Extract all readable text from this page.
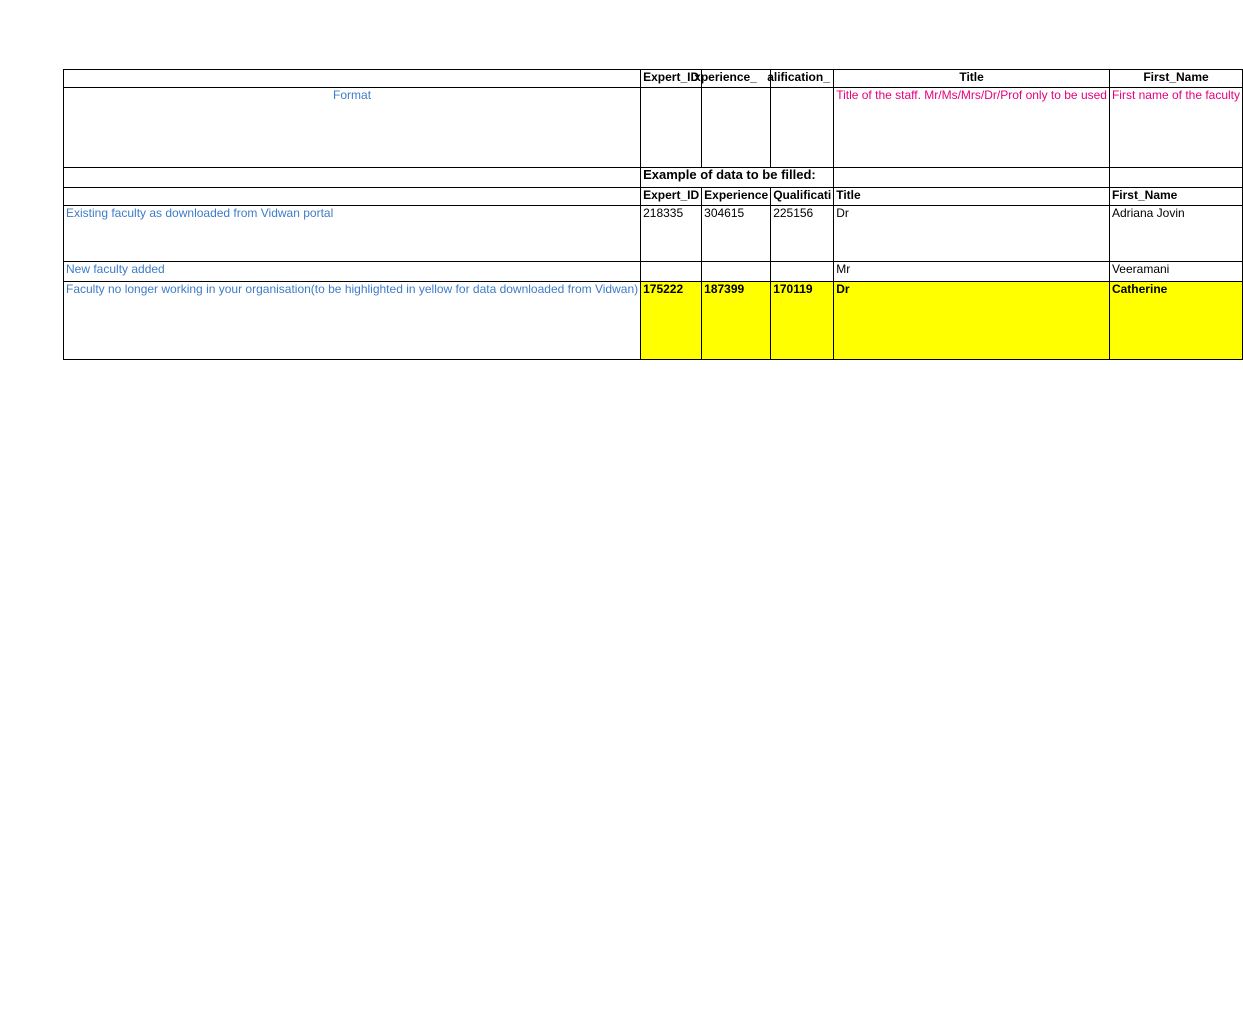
	Expert_ID	xperience_	alification_	Title	First_Name
Format				Title of the staff. Mr/Ms/Mrs/Dr/Prof only to be used	First name of the faculty
	Example of data to be filled:				
	Expert_ID	Experience	Qualificati	Title	First_Name
Existing faculty as downloaded from Vidwan portal	218335	304615	225156	Dr	Adriana Jovin
New faculty added				Mr	Veeramani
Faculty no longer working in your organisation(to be highlighted in yellow for data downloaded from Vidwan)	175222	187399	170119	Dr	Catherine
